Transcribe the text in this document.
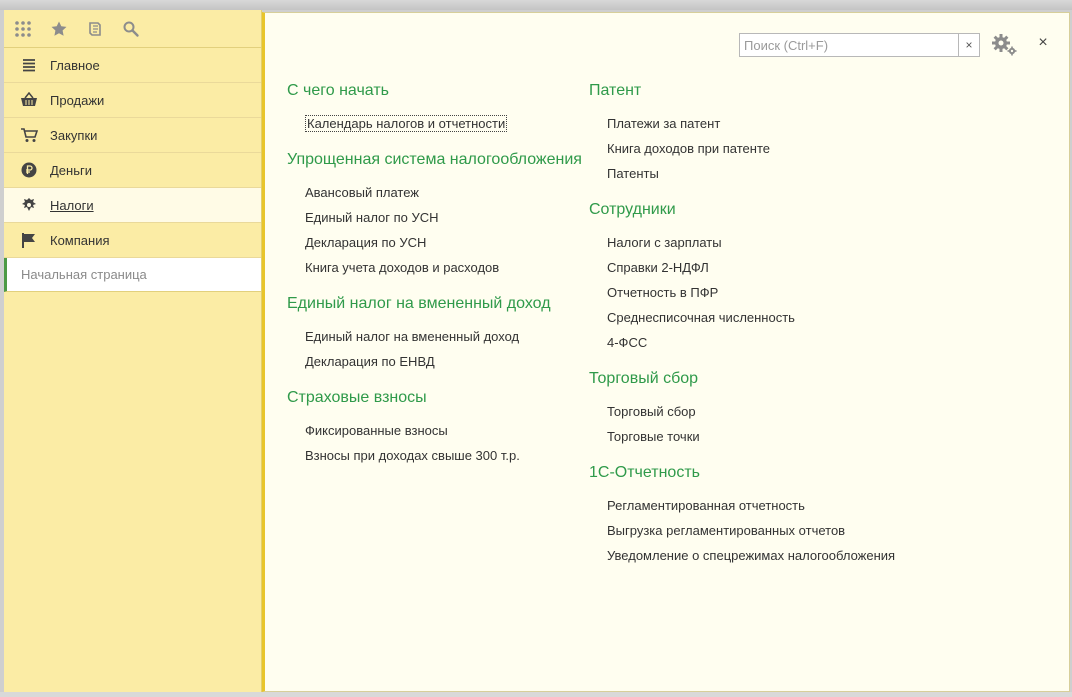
Главное
Продажи
Закупки
Деньги
Налоги
Компания
Начальная страница
Поиск (Ctrl+F)
×	×
С чего начать
Календарь налогов и отчетности
Упрощенная система налогообложения
Авансовый платеж
Единый налог по УСН
Декларация по УСН
Книга учета доходов и расходов
Единый налог на вмененный доход
Единый налог на вмененный доход
Декларация по ЕНВД
Страховые взносы
Фиксированные взносы
Взносы при доходах свыше 300 т.р.
Патент
Платежи за патент
Книга доходов при патенте
Патенты
Сотрудники
Налоги с зарплаты
Справки 2-НДФЛ
Отчетность в ПФР
Среднесписочная численность
4-ФСС
Торговый сбор
Торговый сбор
Торговые точки
1С-Отчетность
Регламентированная отчетность
Выгрузка регламентированных отчетов
Уведомление о спецрежимах налогообложения
